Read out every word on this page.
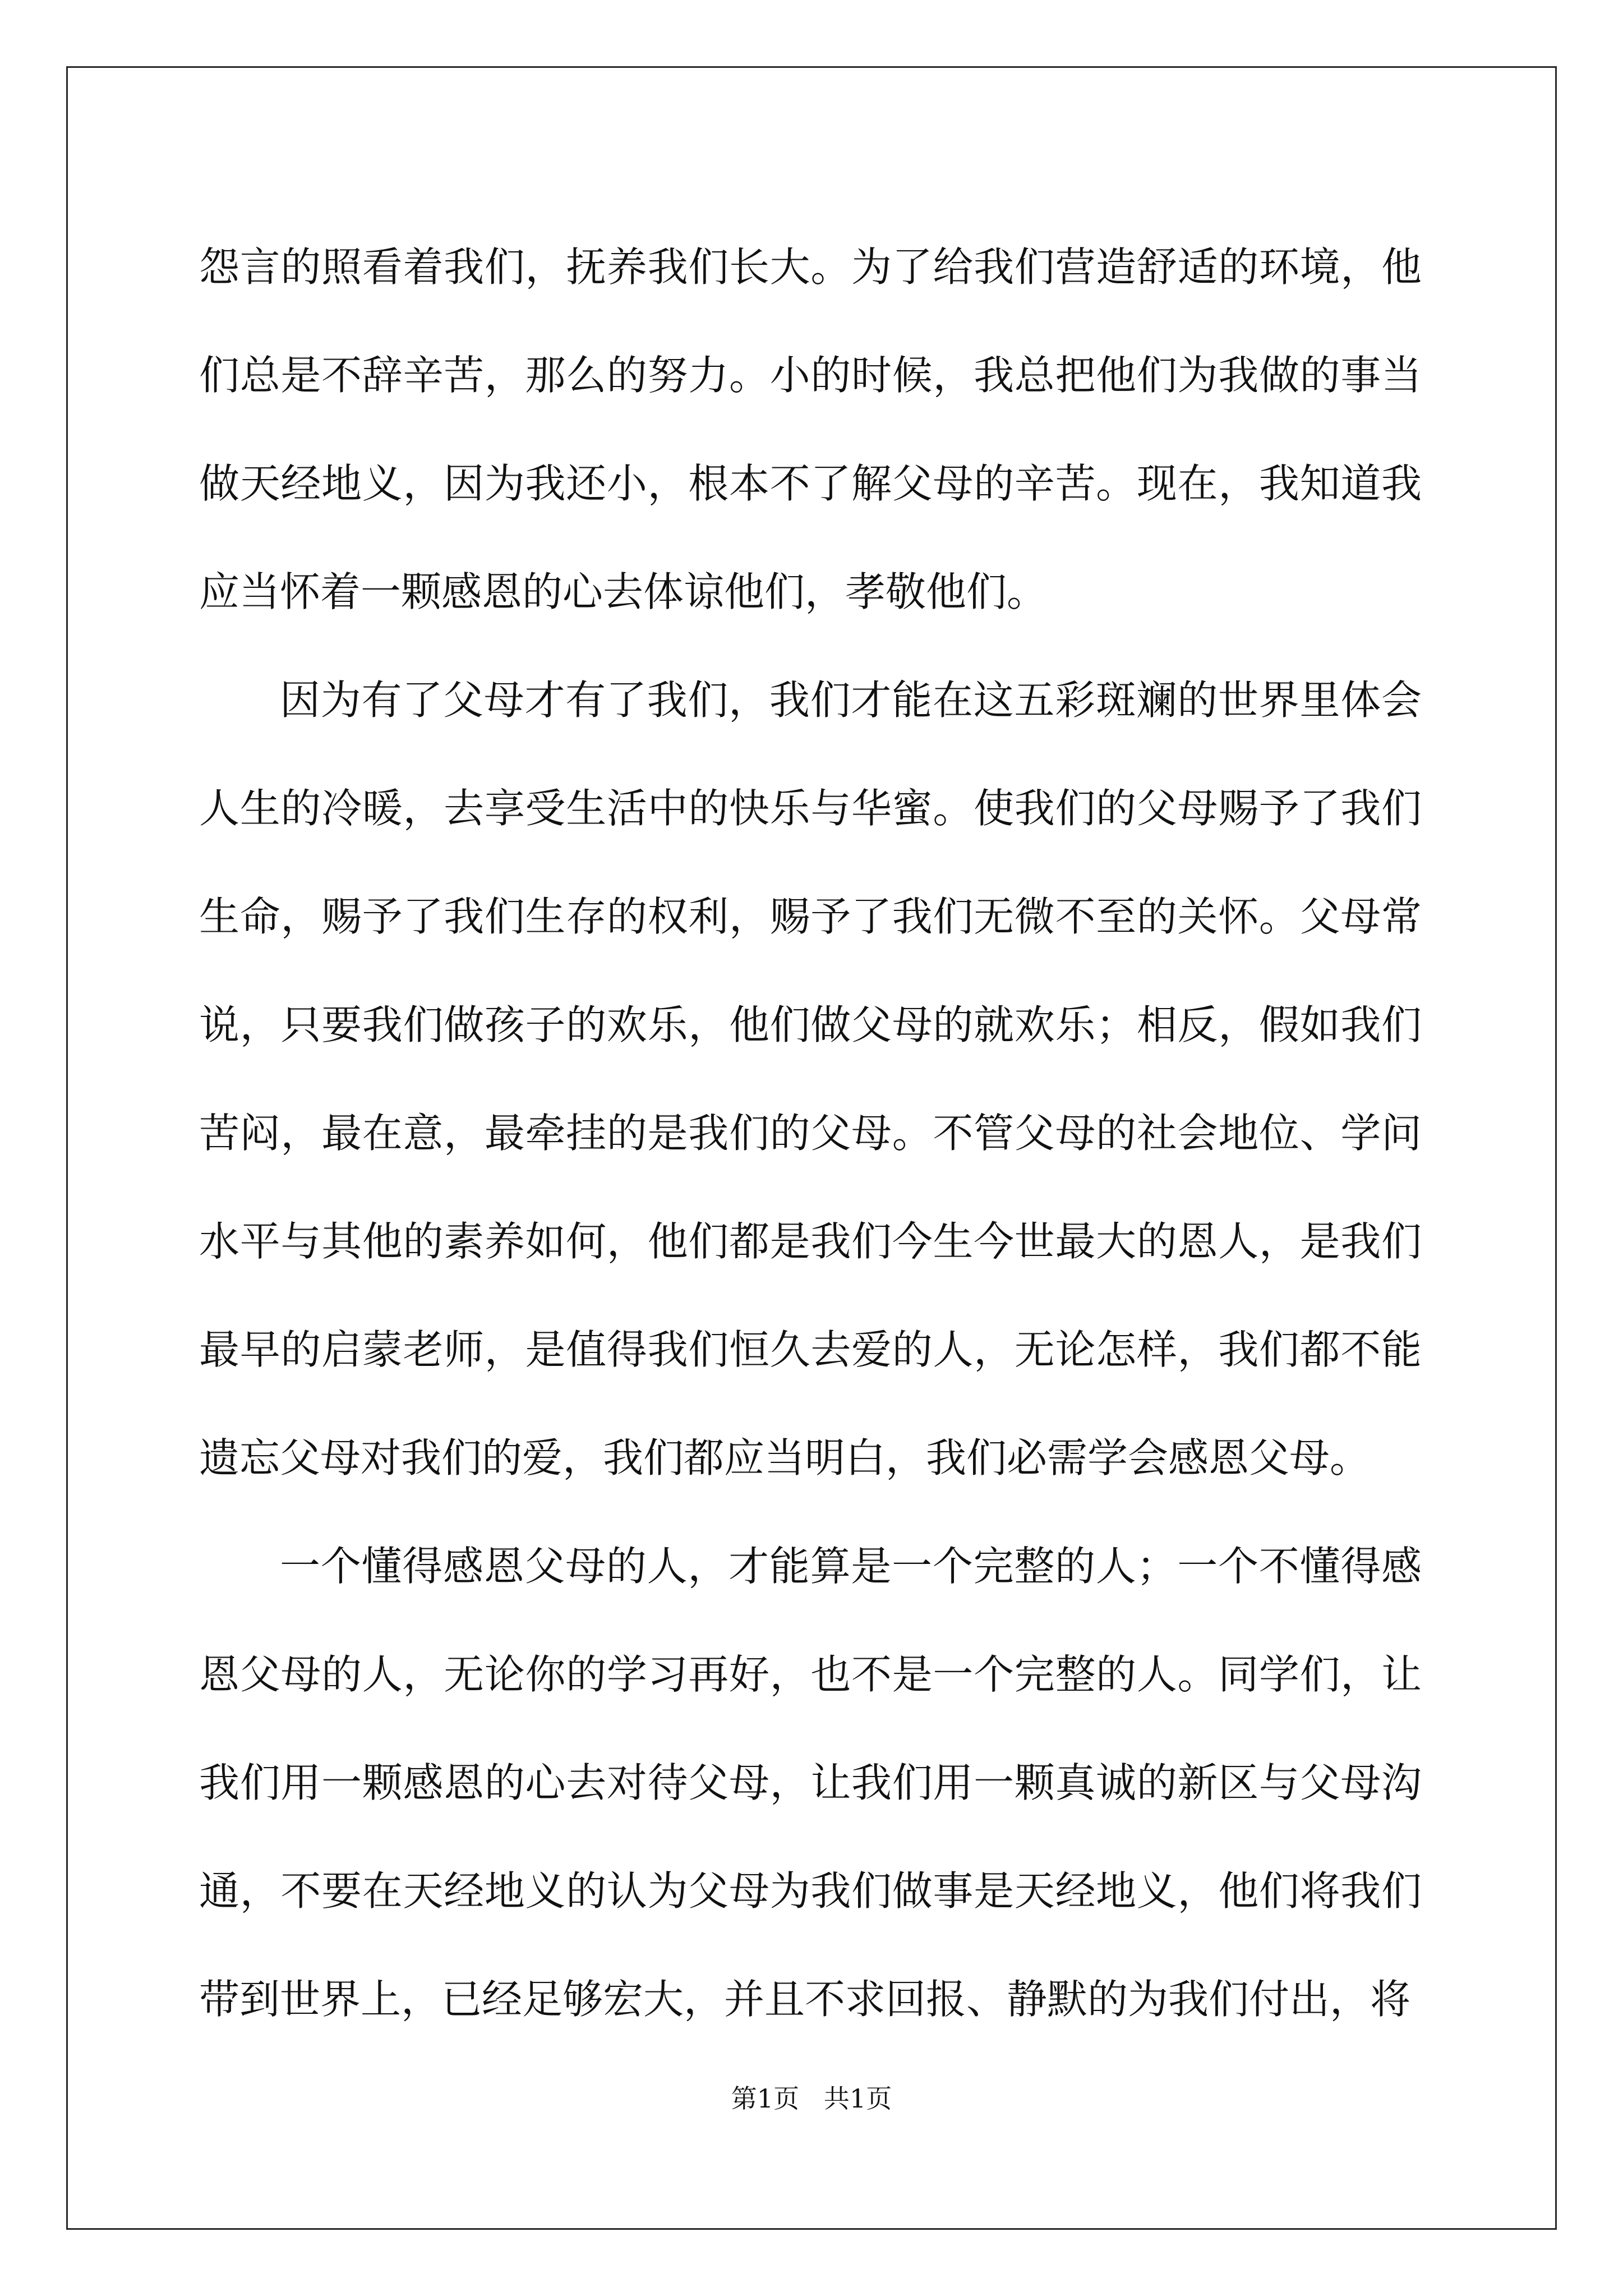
怨言的照看着我们，抚养我们长大。为了给我们营造舒适的环境，他们总是不辞辛苦，那么的努力。小的时候，我总把他们为我做的事当做天经地义，因为我还小，根本不了解父母的辛苦。现在，我知道我应当怀着一颗感恩的心去体谅他们，孝敬他们。

因为有了父母才有了我们，我们才能在这五彩斑斓的世界里体会人生的冷暖，去享受生活中的快乐与华蜜。使我们的父母赐予了我们生命，赐予了我们生存的权利，赐予了我们无微不至的关怀。父母常说，只要我们做孩子的欢乐，他们做父母的就欢乐；相反，假如我们苦闷，最在意，最牵挂的是我们的父母。不管父母的社会地位、学问水平与其他的素养如何，他们都是我们今生今世最大的恩人，是我们最早的启蒙老师，是值得我们恒久去爱的人，无论怎样，我们都不能遗忘父母对我们的爱，我们都应当明白，我们必需学会感恩父母。

一个懂得感恩父母的人，才能算是一个完整的人；一个不懂得感恩父母的人，无论你的学习再好，也不是一个完整的人。同学们，让我们用一颗感恩的心去对待父母，让我们用一颗真诚的新区与父母沟通，不要在天经地义的认为父母为我们做事是天经地义，他们将我们带到世界上，已经足够宏大，并且不求回报、静默的为我们付出，将

第1页   共1页
